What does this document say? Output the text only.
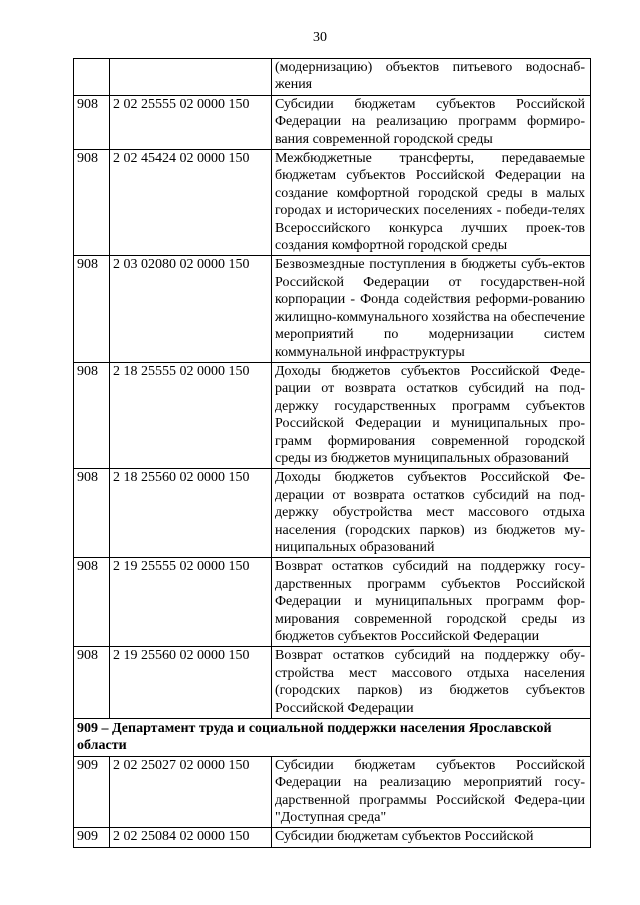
30
		(модернизацию) объектов питьевого водоснаб-жения
908	2 02 25555 02 0000 150	Субсидии бюджетам субъектов Российской Федерации на реализацию программ формиро-вания современной городской среды
908	2 02 45424 02 0000 150	Межбюджетные трансферты, передаваемые бюджетам субъектов Российской Федерации на создание комфортной городской среды в малых городах и исторических поселениях - победи-телях Всероссийского конкурса лучших проек-тов создания комфортной городской среды
908	2 03 02080 02 0000 150	Безвозмездные поступления в бюджеты субъ-ектов Российской Федерации от государствен-ной корпорации - Фонда содействия реформи-рованию жилищно-коммунального хозяйства на обеспечение мероприятий по модернизации систем коммунальной инфраструктуры
908	2 18 25555 02 0000 150	Доходы бюджетов субъектов Российской Феде-рации от возврата остатков субсидий на под-держку государственных программ субъектов Российской Федерации и муниципальных про-грамм формирования современной городской среды из бюджетов муниципальных образований
908	2 18 25560 02 0000 150	Доходы бюджетов субъектов Российской Фе-дерации от возврата остатков субсидий на под-держку обустройства мест массового отдыха населения (городских парков) из бюджетов му-ниципальных образований
908	2 19 25555 02 0000 150	Возврат остатков субсидий на поддержку госу-дарственных программ субъектов Российской Федерации и муниципальных программ фор-мирования современной городской среды из бюджетов субъектов Российской Федерации
908	2 19 25560 02 0000 150	Возврат остатков субсидий на поддержку обу-стройства мест массового отдыха населения (городских парков) из бюджетов субъектов Российской Федерации
909 – Департамент труда и социальной поддержки населения Ярославской области		
909	2 02 25027 02 0000 150	Субсидии бюджетам субъектов Российской Федерации на реализацию мероприятий госу-дарственной программы Российской Федера-ции "Доступная среда"
909	2 02 25084 02 0000 150	Субсидии бюджетам субъектов Российской
